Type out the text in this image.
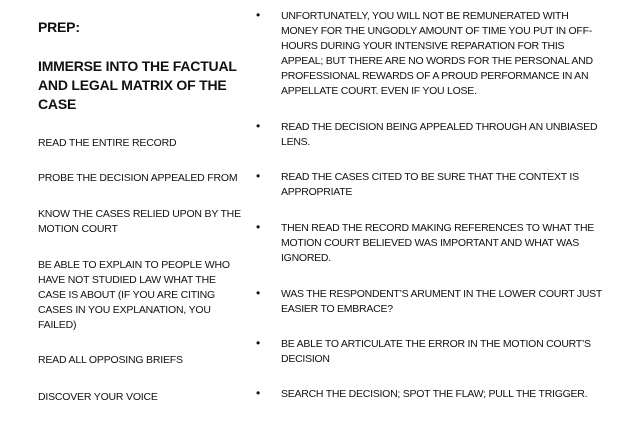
PREP:
IMMERSE INTO THE FACTUAL AND LEGAL MATRIX OF THE CASE
READ THE ENTIRE RECORD
PROBE THE DECISION APPEALED FROM
KNOW THE CASES RELIED UPON BY THE MOTION COURT
BE ABLE TO EXPLAIN TO PEOPLE WHO HAVE NOT STUDIED LAW WHAT THE CASE IS ABOUT (IF YOU ARE CITING CASES IN YOU EXPLANATION, YOU FAILED)
READ ALL OPPOSING BRIEFS
DISCOVER YOUR VOICE
• UNFORTUNATELY, YOU WILL NOT BE REMUNERATED WITH MONEY FOR THE UNGODLY AMOUNT OF TIME YOU PUT IN OFF-HOURS DURING YOUR INTENSIVE REPARATION FOR THIS APPEAL; BUT THERE ARE NO WORDS FOR THE PERSONAL AND PROFESSIONAL REWARDS OF A PROUD PERFORMANCE IN AN APPELLATE COURT. EVEN IF YOU LOSE.
• READ THE DECISION BEING APPEALED THROUGH AN UNBIASED LENS.
• READ THE CASES CITED TO BE SURE THAT THE CONTEXT IS APPROPRIATE
• THEN READ THE RECORD MAKING REFERENCES TO WHAT THE MOTION COURT BELIEVED WAS IMPORTANT AND WHAT WAS IGNORED.
• WAS THE RESPONDENT’S ARUMENT IN THE LOWER COURT JUST EASIER TO EMBRACE?
• BE ABLE TO ARTICULATE THE ERROR IN THE MOTION COURT’S DECISION
• SEARCH THE DECISION; SPOT THE FLAW; PULL THE TRIGGER.
